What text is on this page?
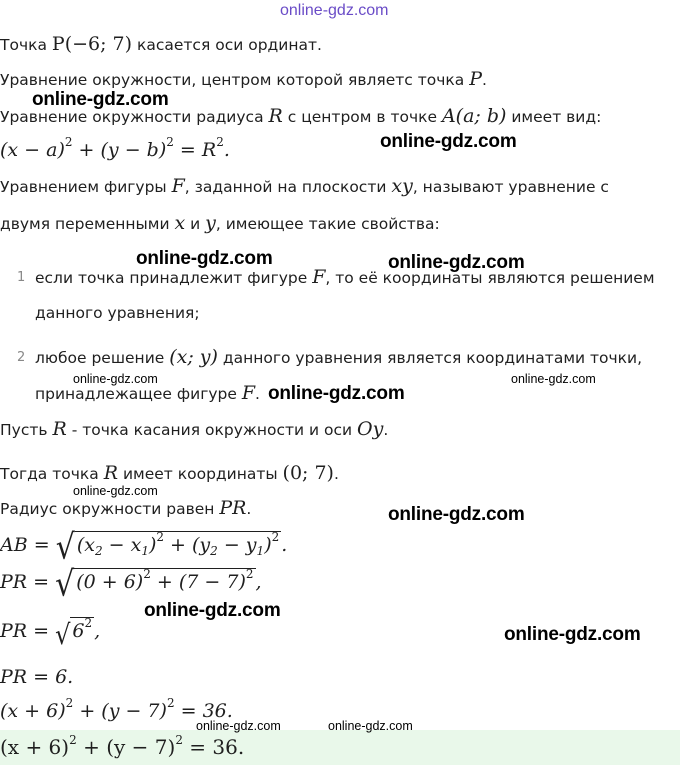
online-gdz.com
Точка P(−6; 7) касается оси ординат.
Уравнение окружности, центром которой являетс точка P.
online-gdz.com
Уравнение окружности радиуса R с центром в точке A(a; b) имеет вид:
online-gdz.com
$(x - a)^2 + (y - b)^2 = R^2$.
Уравнением фигуры F, заданной на плоскости xy, называют уравнение с
двумя переменными x и y, имеющее такие свойства:
online-gdz.com	online-gdz.com
1 если точка принадлежит фигуре F, то её координаты являются решением
данного уравнения;
2 любое решение (x; y) данного уравнения является координатами точки,
online-gdz.com	online-gdz.com
принадлежащее фигуре F. online-gdz.com
Пусть R - точка касания окружности и оси Oy.
Тогда точка R имеет координаты (0; 7).
online-gdz.com
Радиус окружности равен PR.	online-gdz.com
AB = √ $(x_2 - x_1)^2 + (y_2 - y_1)^2$ .
PR = √ $(0 + 6)^2 + (7 - 7)^2$ ,
online-gdz.com
PR = √ $6^2$ ,	online-gdz.com
PR = 6.
$(x + 6)^2 + (y - 7)^2 = 36$.
online-gdz.com	online-gdz.com
$(x + 6)^2 + (y - 7)^2 = 36$.
